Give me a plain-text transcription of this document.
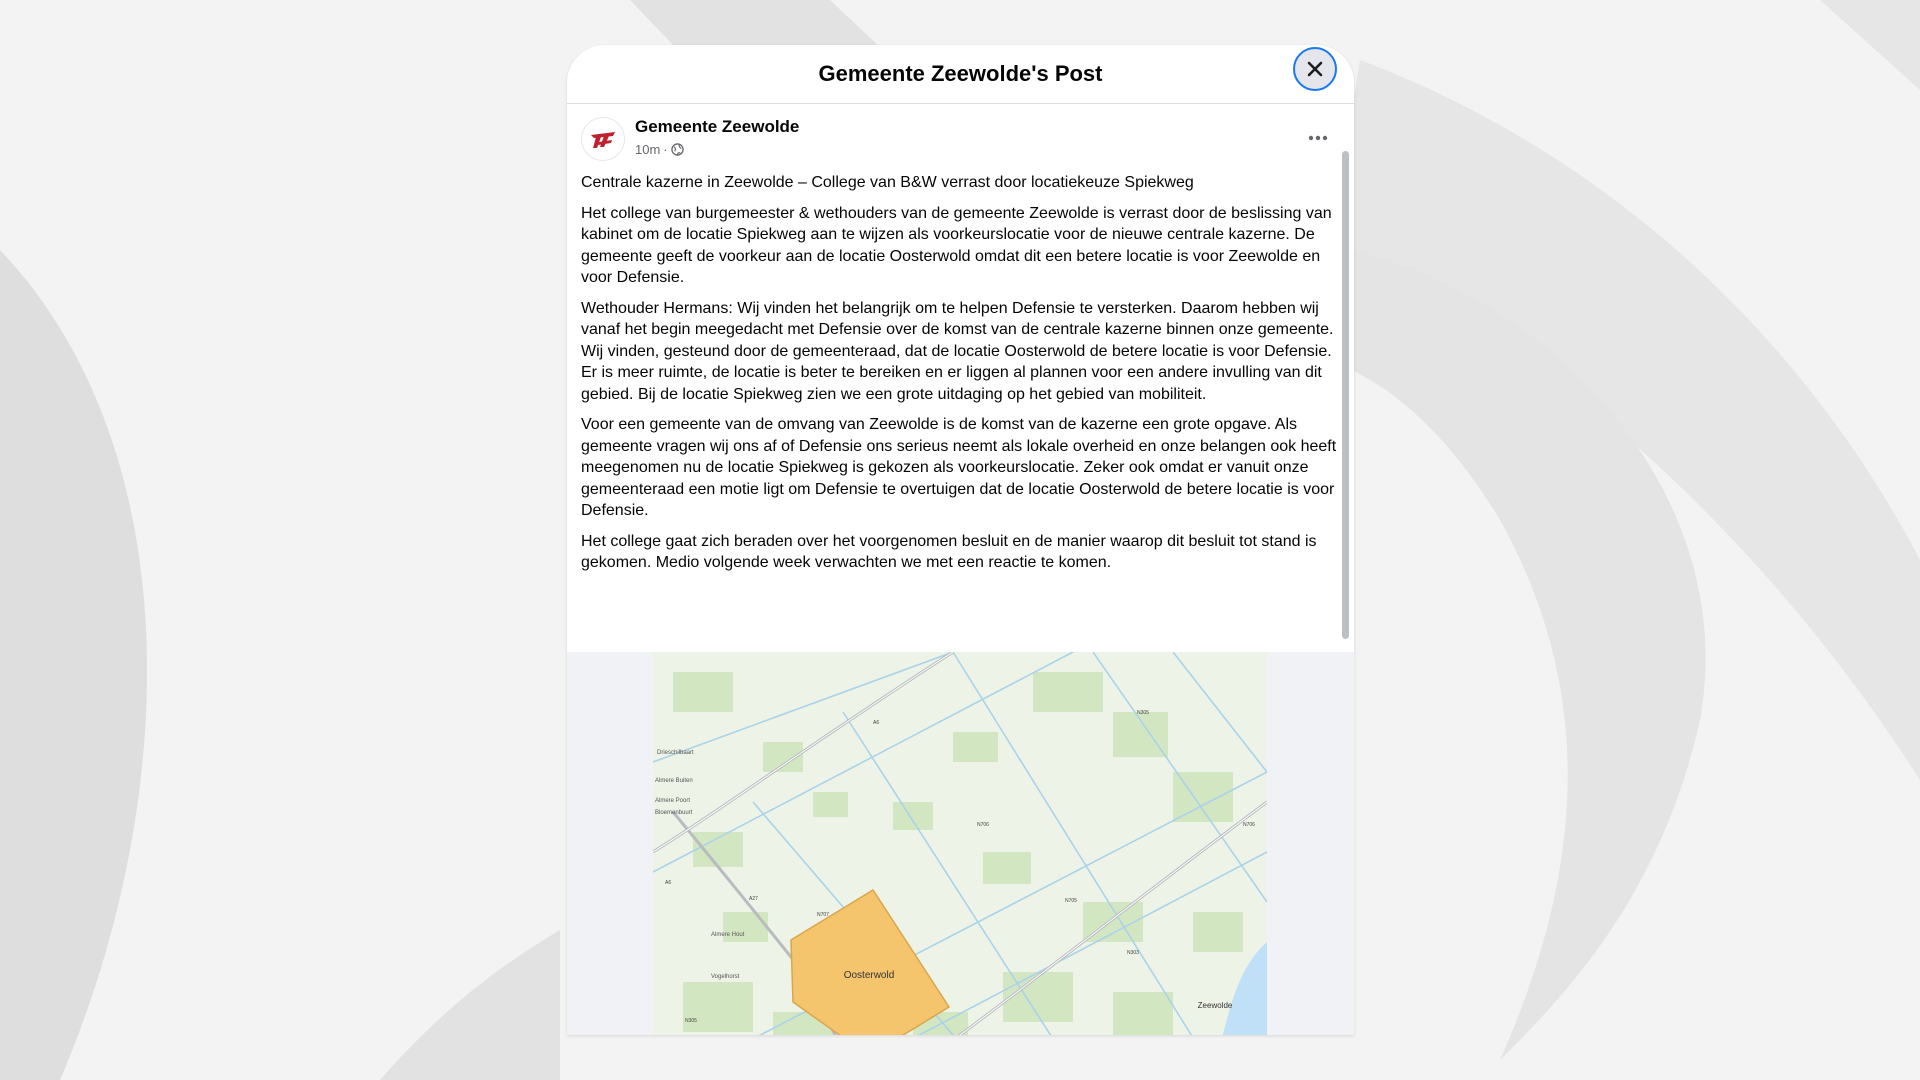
Gemeente Zeewolde's Post
Gemeente Zeewolde
10m ·

Centrale kazerne in Zeewolde – College van B&W verrast door locatiekeuze Spiekweg

Het college van burgemeester & wethouders van de gemeente Zeewolde is verrast door de beslissing van kabinet om de locatie Spiekweg aan te wijzen als voorkeurslocatie voor de nieuwe centrale kazerne. De gemeente geeft de voorkeur aan de locatie Oosterwold omdat dit een betere locatie is voor Zeewolde en voor Defensie.

Wethouder Hermans: Wij vinden het belangrijk om te helpen Defensie te versterken. Daarom hebben wij vanaf het begin meegedacht met Defensie over de komst van de centrale kazerne binnen onze gemeente. Wij vinden, gesteund door de gemeenteraad, dat de locatie Oosterwold de betere locatie is voor Defensie. Er is meer ruimte, de locatie is beter te bereiken en er liggen al plannen voor een andere invulling van dit gebied. Bij de locatie Spiekweg zien we een grote uitdaging op het gebied van mobiliteit.

Voor een gemeente van de omvang van Zeewolde is de komst van de kazerne een grote opgave. Als gemeente vragen wij ons af of Defensie ons serieus neemt als lokale overheid en onze belangen ook heeft meegenomen nu de locatie Spiekweg is gekozen als voorkeurslocatie. Zeker ook omdat er vanuit onze gemeenteraad een motie ligt om Defensie te overtuigen dat de locatie Oosterwold de betere locatie is voor Defensie.

Het college gaat zich beraden over het voorgenomen besluit en de manier waarop dit besluit tot stand is gekomen. Medio volgende week verwachten we met een reactie te komen.

Oosterwold
Zeewolde
Drieschilbaart
Almere Buiten
Almere Poort
Bloemenbuurt
Almere Hout
Vogelhorst
A6
N305
N706
N707
N705
N303
A6
A27
N706
N305
